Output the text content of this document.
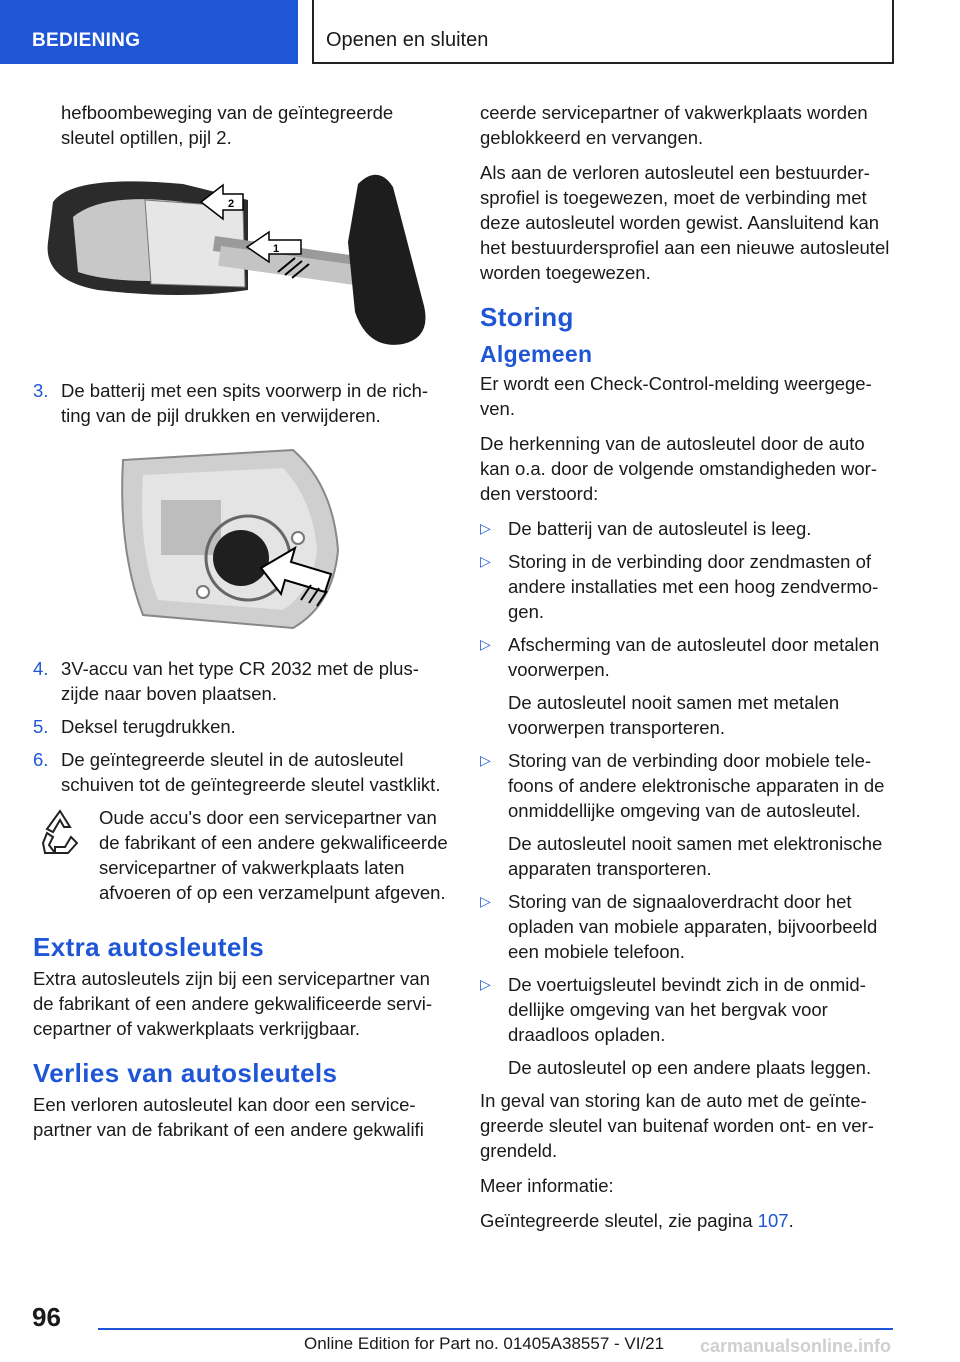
BEDIENING	Openen en sluiten

hefboombeweging van de geïntegreerde sleutel optillen, pijl 2.

2
1
3. De batterij met een spits voorwerp in de richting van de pijl drukken en verwijderen.
4. 3V-accu van het type CR 2032 met de pluszijde naar boven plaatsen.
5. Deksel terugdrukken.
6. De geïntegreerde sleutel in de autosleutel schuiven tot de geïntegreerde sleutel vastklikt.

Oude accu's door een servicepartner van de fabrikant of een andere gekwalificeerde servicepartner of vakwerkplaats laten afvoeren of op een verzamelpunt afgeven.

Extra autosleutels

Extra autosleutels zijn bij een servicepartner van de fabrikant of een andere gekwalificeerde servicepartner of vakwerkplaats verkrijgbaar.

Verlies van autosleutels

Een verloren autosleutel kan door een servicepartner van de fabrikant of een andere gekwalifi

ceerde servicepartner of vakwerkplaats worden geblokkeerd en vervangen.

Als aan de verloren autosleutel een bestuurdersprofiel is toegewezen, moet de verbinding met deze autosleutel worden gewist. Aansluitend kan het bestuurdersprofiel aan een nieuwe autosleutel worden toegewezen.

Storing
Algemeen

Er wordt een Check-Control-melding weergegeven.

De herkenning van de autosleutel door de auto kan o.a. door de volgende omstandigheden worden verstoord:

▷ De batterij van de autosleutel is leeg.
▷ Storing in de verbinding door zendmasten of andere installaties met een hoog zendvermogen.
▷ Afscherming van de autosleutel door metalen voorwerpen.
De autosleutel nooit samen met metalen voorwerpen transporteren.
▷ Storing van de verbinding door mobiele telefoons of andere elektronische apparaten in de onmiddellijke omgeving van de autosleutel.
De autosleutel nooit samen met elektronische apparaten transporteren.
▷ Storing van de signaaloverdracht door het opladen van mobiele apparaten, bijvoorbeeld een mobiele telefoon.
▷ De voertuigsleutel bevindt zich in de onmiddellijke omgeving van het bergvak voor draadloos opladen.
De autosleutel op een andere plaats leggen.

In geval van storing kan de auto met de geïntegreerde sleutel van buitenaf worden ont- en vergrendeld.

Meer informatie:

Geïntegreerde sleutel, zie pagina 107.

96
Online Edition for Part no. 01405A38557 - VI/21 carmanualsonline.info
